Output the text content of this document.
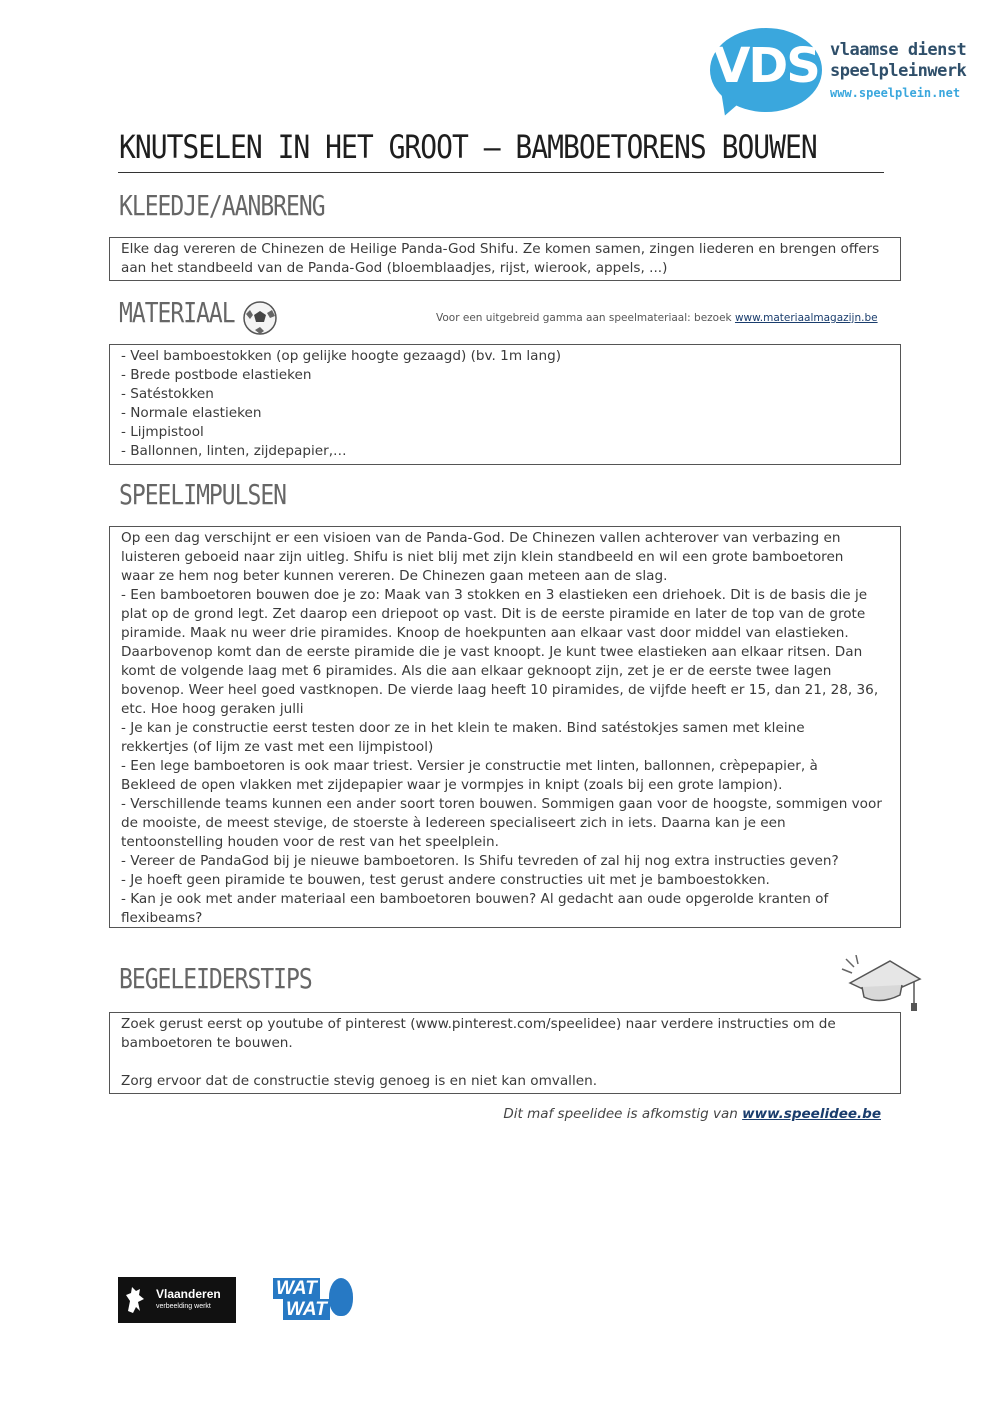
VDS vlaamse dienst
speelpleinwerk
www.speelplein.net
KNUTSELEN IN HET GROOT – BAMBOETORENS BOUWEN
KLEEDJE/AANBRENG
Elke dag vereren de Chinezen de Heilige Panda-God Shifu. Ze komen samen, zingen liederen en brengen offers
aan het standbeeld van de Panda-God (bloemblaadjes, rijst, wierook, appels, ...)
MATERIAAL	Voor een uitgebreid gamma aan speelmateriaal: bezoek www.materiaalmagazijn.be
- Veel bamboestokken (op gelijke hoogte gezaagd) (bv. 1m lang)
- Brede postbode elastieken
- Satéstokken
- Normale elastieken
- Lijmpistool
- Ballonnen, linten, zijdepapier,…
SPEELIMPULSEN
Op een dag verschijnt er een visioen van de Panda-God. De Chinezen vallen achterover van verbazing en
luisteren geboeid naar zijn uitleg. Shifu is niet blij met zijn klein standbeeld en wil een grote bamboetoren
waar ze hem nog beter kunnen vereren. De Chinezen gaan meteen aan de slag.
- Een bamboetoren bouwen doe je zo: Maak van 3 stokken en 3 elastieken een driehoek. Dit is de basis die je
plat op de grond legt. Zet daarop een driepoot op vast. Dit is de eerste piramide en later de top van de grote
piramide. Maak nu weer drie piramides. Knoop de hoekpunten aan elkaar vast door middel van elastieken.
Daarbovenop komt dan de eerste piramide die je vast knoopt. Je kunt twee elastieken aan elkaar ritsen. Dan
komt de volgende laag met 6 piramides. Als die aan elkaar geknoopt zijn, zet je er de eerste twee lagen
bovenop. Weer heel goed vastknopen. De vierde laag heeft 10 piramides, de vijfde heeft er 15, dan 21, 28, 36,
etc. Hoe hoog geraken julli
- Je kan je constructie eerst testen door ze in het klein te maken. Bind satéstokjes samen met kleine
rekkertjes (of lijm ze vast met een lijmpistool)
- Een lege bamboetoren is ook maar triest. Versier je constructie met linten, ballonnen, crèpepapier, à
Bekleed de open vlakken met zijdepapier waar je vormpjes in knipt (zoals bij een grote lampion).
- Verschillende teams kunnen een ander soort toren bouwen. Sommigen gaan voor de hoogste, sommigen voor
de mooiste, de meest stevige, de stoerste à Iedereen specialiseert zich in iets. Daarna kan je een
tentoonstelling houden voor de rest van het speelplein.
- Vereer de PandaGod bij je nieuwe bamboetoren. Is Shifu tevreden of zal hij nog extra instructies geven?
- Je hoeft geen piramide te bouwen, test gerust andere constructies uit met je bamboestokken.
- Kan je ook met ander materiaal een bamboetoren bouwen? Al gedacht aan oude opgerolde kranten of
flexibeams?
BEGELEIDERSTIPS
Zoek gerust eerst op youtube of pinterest (www.pinterest.com/speelidee) naar verdere instructies om de
bamboetoren te bouwen.
Zorg ervoor dat de constructie stevig genoeg is en niet kan omvallen.
Dit maf speelidee is afkomstig van www.speelidee.be
Vlaanderen
verbeelding werkt
WAT
WAT
